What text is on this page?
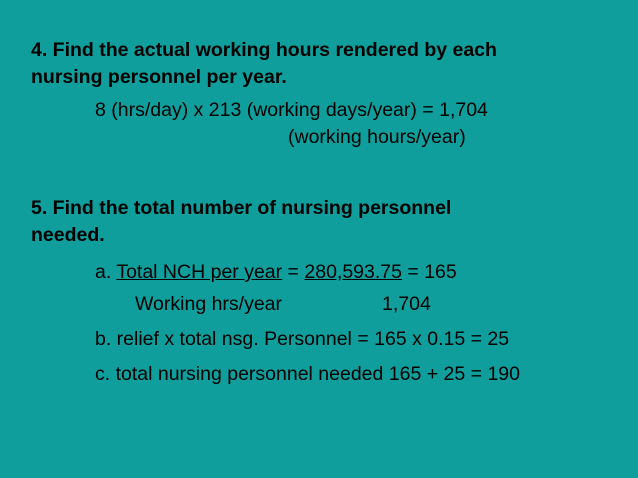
4. Find the actual working hours rendered by each
nursing personnel per year.
8 (hrs/day) x 213 (working days/year) = 1,704
(working hours/year)
5. Find the total number of nursing personnel
needed.
a. Total NCH per year = 280,593.75 = 165
Working hrs/year	1,704
b. relief x total nsg. Personnel = 165 x 0.15 = 25
c. total nursing personnel needed 165 + 25 = 190
